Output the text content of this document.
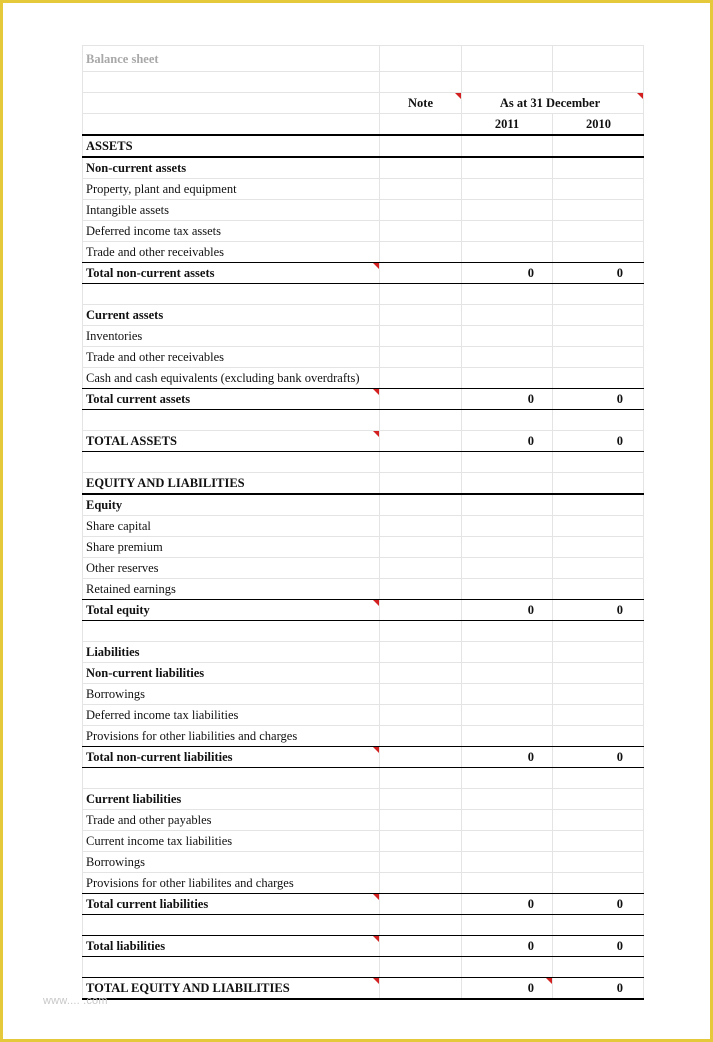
Balance sheet			

	Note	As at 31 December	

		2011	2010
ASSETS			
Non-current assets			
Property, plant and equipment			
Intangible assets			
Deferred income tax assets			
Trade and other receivables			
Total non-current assets		0	0

Current assets			
Inventories			
Trade and other receivables			
Cash and cash equivalents (excluding bank overdrafts)			
Total current assets		0	0

TOTAL ASSETS		0	0

EQUITY AND LIABILITIES			
Equity			
Share capital			
Share premium			
Other reserves			
Retained earnings			
Total equity		0	0

Liabilities			
Non-current liabilities			
Borrowings			
Deferred income tax liabilities			
Provisions for other liabilities and charges			
Total non-current liabilities		0	0

Current liabilities			
Trade and other payables			
Current income tax liabilities			
Borrowings			
Provisions for other liabilites and charges			
Total current liabilities		0	0

Total liabilities		0	0

TOTAL EQUITY AND LIABILITIES		0	0
www.... .com
